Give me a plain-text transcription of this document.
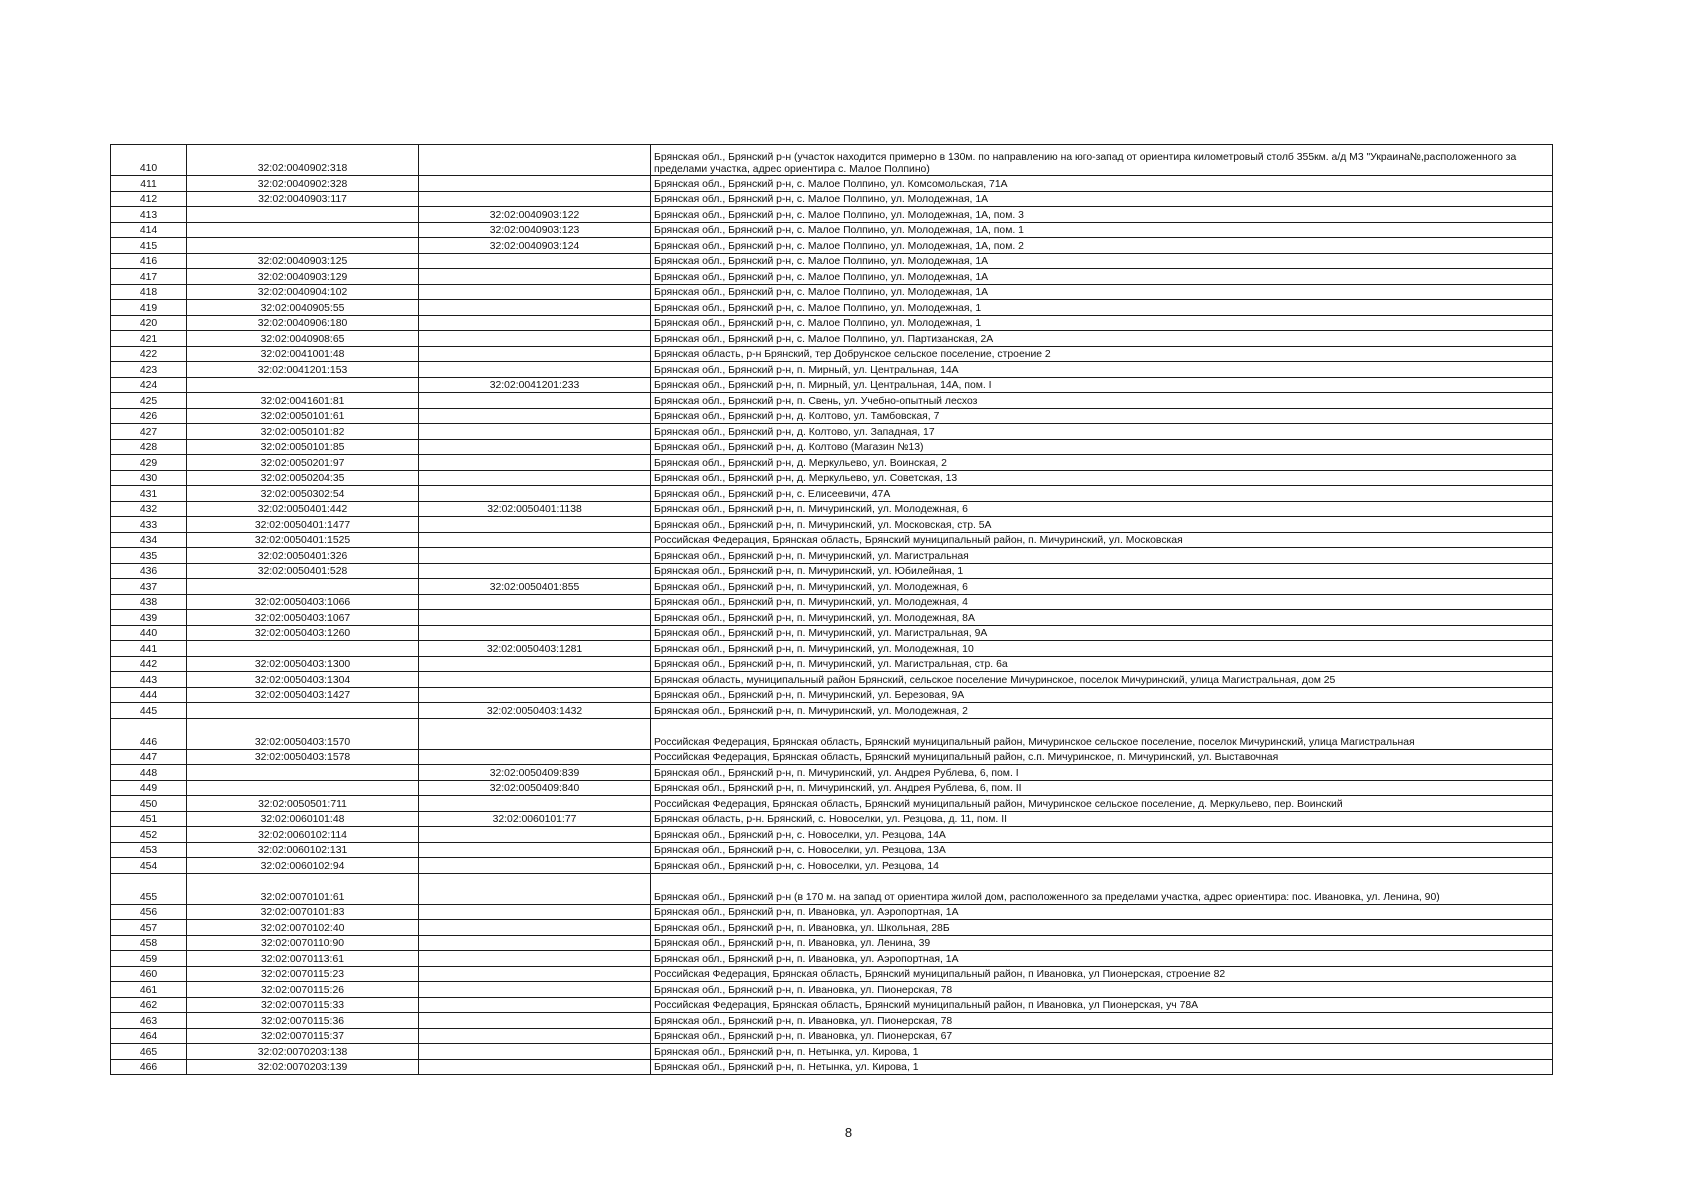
410	32:02:0040902:318		Брянская обл., Брянский р-н (участок находится примерно в 130м. по направлению на юго-запад от ориентира километровый столб 355км. а/д М3 "Украина№,расположенного за пределами участка, адрес ориентира с. Малое Полпино)
411	32:02:0040902:328		Брянская обл., Брянский р-н, с. Малое Полпино, ул. Комсомольская, 71А
412	32:02:0040903:117		Брянская обл., Брянский р-н, с. Малое Полпино, ул. Молодежная, 1А
413		32:02:0040903:122	Брянская обл., Брянский р-н, с. Малое Полпино, ул. Молодежная, 1А, пом. 3
414		32:02:0040903:123	Брянская обл., Брянский р-н, с. Малое Полпино, ул. Молодежная, 1А, пом. 1
415		32:02:0040903:124	Брянская обл., Брянский р-н, с. Малое Полпино, ул. Молодежная, 1А, пом. 2
416	32:02:0040903:125		Брянская обл., Брянский р-н, с. Малое Полпино, ул. Молодежная, 1А
417	32:02:0040903:129		Брянская обл., Брянский р-н, с. Малое Полпино, ул. Молодежная, 1А
418	32:02:0040904:102		Брянская обл., Брянский р-н, с. Малое Полпино, ул. Молодежная, 1А
419	32:02:0040905:55		Брянская обл., Брянский р-н, с. Малое Полпино, ул. Молодежная, 1
420	32:02:0040906:180		Брянская обл., Брянский р-н, с. Малое Полпино, ул. Молодежная, 1
421	32:02:0040908:65		Брянская обл., Брянский р-н, с. Малое Полпино, ул. Партизанская, 2А
422	32:02:0041001:48		Брянская область, р-н Брянский, тер Добрунское сельское поселение, строение 2
423	32:02:0041201:153		Брянская обл., Брянский р-н, п. Мирный, ул. Центральная, 14А
424		32:02:0041201:233	Брянская обл., Брянский р-н, п. Мирный, ул. Центральная, 14А, пом. I
425	32:02:0041601:81		Брянская обл., Брянский р-н, п. Свень, ул. Учебно-опытный лесхоз
426	32:02:0050101:61		Брянская обл., Брянский р-н, д. Колтово, ул. Тамбовская, 7
427	32:02:0050101:82		Брянская обл., Брянский р-н, д. Колтово, ул. Западная, 17
428	32:02:0050101:85		Брянская обл., Брянский р-н, д. Колтово (Магазин №13)
429	32:02:0050201:97		Брянская обл., Брянский р-н, д. Меркульево, ул. Воинская, 2
430	32:02:0050204:35		Брянская обл., Брянский р-н, д. Меркульево, ул. Советская, 13
431	32:02:0050302:54		Брянская обл., Брянский р-н, с. Елисеевичи, 47А
432	32:02:0050401:442	32:02:0050401:1138	Брянская обл., Брянский р-н, п. Мичуринский, ул. Молодежная, 6
433	32:02:0050401:1477		Брянская обл., Брянский р-н, п. Мичуринский, ул. Московская, стр. 5А
434	32:02:0050401:1525		Российская Федерация, Брянская область, Брянский муниципальный район, п. Мичуринский, ул. Московская
435	32:02:0050401:326		Брянская обл., Брянский р-н, п. Мичуринский, ул. Магистральная
436	32:02:0050401:528		Брянская обл., Брянский р-н, п. Мичуринский, ул. Юбилейная, 1
437		32:02:0050401:855	Брянская обл., Брянский р-н, п. Мичуринский, ул. Молодежная, 6
438	32:02:0050403:1066		Брянская обл., Брянский р-н, п. Мичуринский, ул. Молодежная, 4
439	32:02:0050403:1067		Брянская обл., Брянский р-н, п. Мичуринский, ул. Молодежная, 8А
440	32:02:0050403:1260		Брянская обл., Брянский р-н, п. Мичуринский, ул. Магистральная, 9А
441		32:02:0050403:1281	Брянская обл., Брянский р-н, п. Мичуринский, ул. Молодежная, 10
442	32:02:0050403:1300		Брянская обл., Брянский р-н, п. Мичуринский, ул. Магистральная, стр. 6а
443	32:02:0050403:1304		Брянская область, муниципальный район Брянский, сельское поселение Мичуринское, поселок Мичуринский, улица Магистральная, дом 25
444	32:02:0050403:1427		Брянская обл., Брянский р-н, п. Мичуринский, ул. Березовая, 9А
445		32:02:0050403:1432	Брянская обл., Брянский р-н, п. Мичуринский, ул. Молодежная, 2
446	32:02:0050403:1570		Российская Федерация, Брянская область, Брянский муниципальный район, Мичуринское сельское поселение, поселок Мичуринский, улица Магистральная
447	32:02:0050403:1578		Российская Федерация, Брянская область, Брянский муниципальный район, с.п. Мичуринское, п. Мичуринский, ул. Выставочная
448		32:02:0050409:839	Брянская обл., Брянский р-н, п. Мичуринский, ул. Андрея Рублева, 6, пом. I
449		32:02:0050409:840	Брянская обл., Брянский р-н, п. Мичуринский, ул. Андрея Рублева, 6, пом. II
450	32:02:0050501:711		Российская Федерация, Брянская область, Брянский муниципальный район, Мичуринское сельское поселение, д. Меркульево, пер. Воинский
451	32:02:0060101:48	32:02:0060101:77	Брянская область, р-н. Брянский, с. Новоселки, ул. Резцова, д. 11, пом. II
452	32:02:0060102:114		Брянская обл., Брянский р-н, с. Новоселки, ул. Резцова, 14А
453	32:02:0060102:131		Брянская обл., Брянский р-н, с. Новоселки, ул. Резцова, 13А
454	32:02:0060102:94		Брянская обл., Брянский р-н, с. Новоселки, ул. Резцова, 14
455	32:02:0070101:61		Брянская обл., Брянский р-н (в 170 м. на запад от ориентира жилой дом, расположенного за пределами участка, адрес ориентира: пос. Ивановка, ул. Ленина, 90)
456	32:02:0070101:83		Брянская обл., Брянский р-н, п. Ивановка, ул. Аэропортная, 1А
457	32:02:0070102:40		Брянская обл., Брянский р-н, п. Ивановка, ул. Школьная, 28Б
458	32:02:0070110:90		Брянская обл., Брянский р-н, п. Ивановка, ул. Ленина, 39
459	32:02:0070113:61		Брянская обл., Брянский р-н, п. Ивановка, ул. Аэропортная, 1А
460	32:02:0070115:23		Российская Федерация, Брянская область, Брянский муниципальный район, п Ивановка, ул Пионерская, строение 82
461	32:02:0070115:26		Брянская обл., Брянский р-н, п. Ивановка, ул. Пионерская, 78
462	32:02:0070115:33		Российская Федерация, Брянская область, Брянский муниципальный район, п Ивановка, ул Пионерская, уч 78А
463	32:02:0070115:36		Брянская обл., Брянский р-н, п. Ивановка, ул. Пионерская, 78
464	32:02:0070115:37		Брянская обл., Брянский р-н, п. Ивановка, ул. Пионерская, 67
465	32:02:0070203:138		Брянская обл., Брянский р-н, п. Нетынка, ул. Кирова, 1
466	32:02:0070203:139		Брянская обл., Брянский р-н, п. Нетынка, ул. Кирова, 1
8
